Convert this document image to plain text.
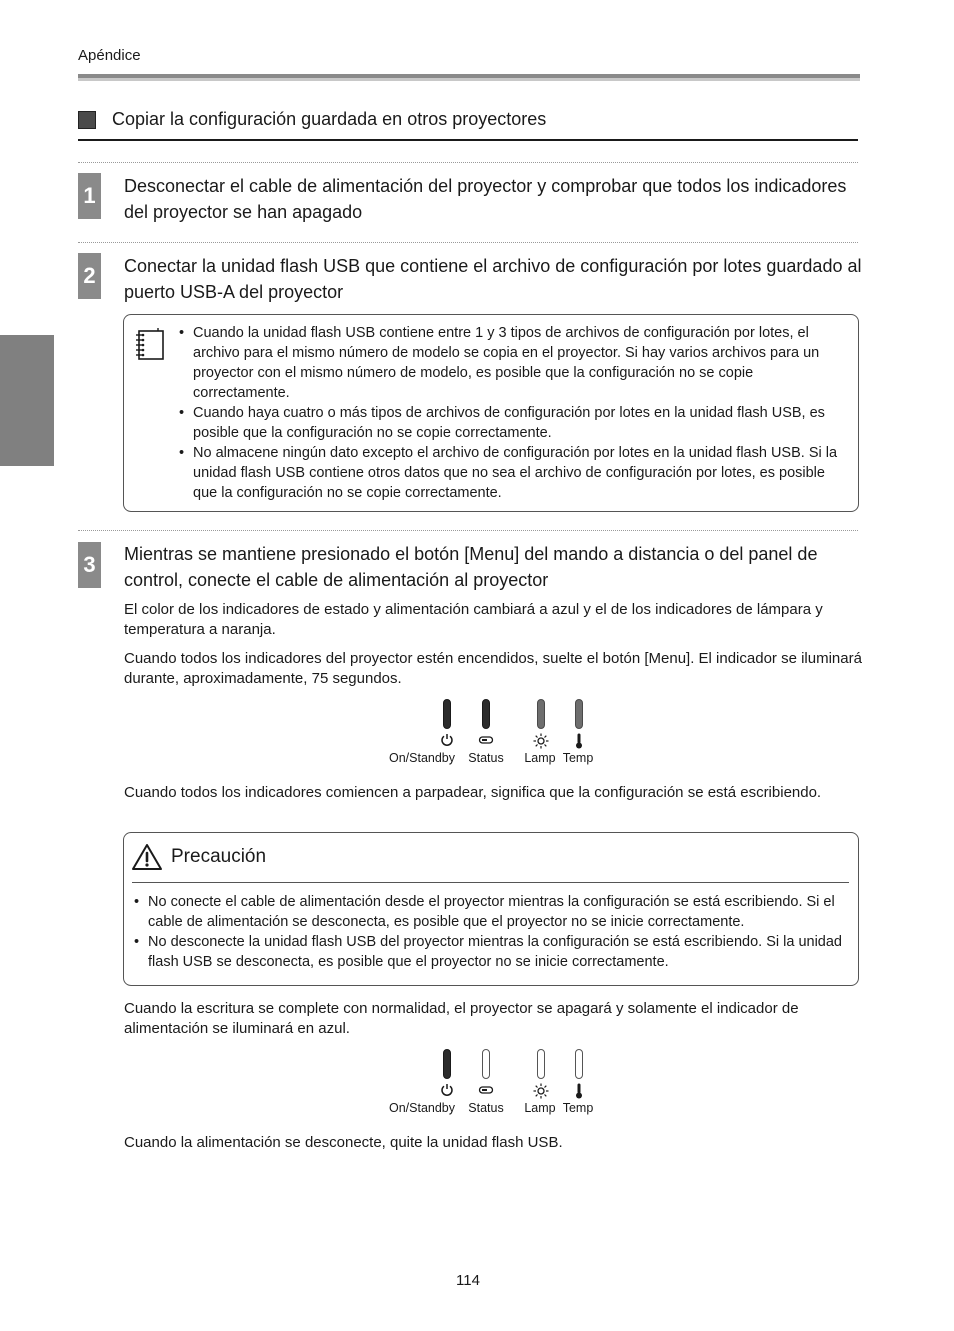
Apéndice
Copiar la configuración guardada en otros proyectores
1 Desconectar el cable de alimentación del proyector y comprobar que todos los indicadores del proyector se han apagado
2 Conectar la unidad flash USB que contiene el archivo de configuración por lotes guardado al puerto USB-A del proyector
• Cuando la unidad flash USB contiene entre 1 y 3 tipos de archivos de configuración por lotes, el archivo para el mismo número de modelo se copia en el proyector. Si hay varios archivos para un proyector con el mismo número de modelo, es posible que la configuración no se copie correctamente.
• Cuando haya cuatro o más tipos de archivos de configuración por lotes en la unidad flash USB, es posible que la configuración no se copie correctamente.
• No almacene ningún dato excepto el archivo de configuración por lotes en la unidad flash USB. Si la unidad flash USB contiene otros datos que no sea el archivo de configuración por lotes, es posible que la configuración no se copie correctamente.
3 Mientras se mantiene presionado el botón [Menu] del mando a distancia o del panel de control, conecte el cable de alimentación al proyector
El color de los indicadores de estado y alimentación cambiará a azul y el de los indicadores de lámpara y temperatura a naranja.
Cuando todos los indicadores del proyector estén encendidos, suelte el botón [Menu]. El indicador se iluminará durante, aproximadamente, 75 segundos.
On/Standby Status Lamp Temp
Cuando todos los indicadores comiencen a parpadear, significa que la configuración se está escribiendo.
Precaución
• No conecte el cable de alimentación desde el proyector mientras la configuración se está escribiendo. Si el cable de alimentación se desconecta, es posible que el proyector no se inicie correctamente.
• No desconecte la unidad flash USB del proyector mientras la configuración se está escribiendo. Si la unidad flash USB se desconecta, es posible que el proyector no se inicie correctamente.
Cuando la escritura se complete con normalidad, el proyector se apagará y solamente el indicador de alimentación se iluminará en azul.
On/Standby Status Lamp Temp
Cuando la alimentación se desconecte, quite la unidad flash USB.
114
